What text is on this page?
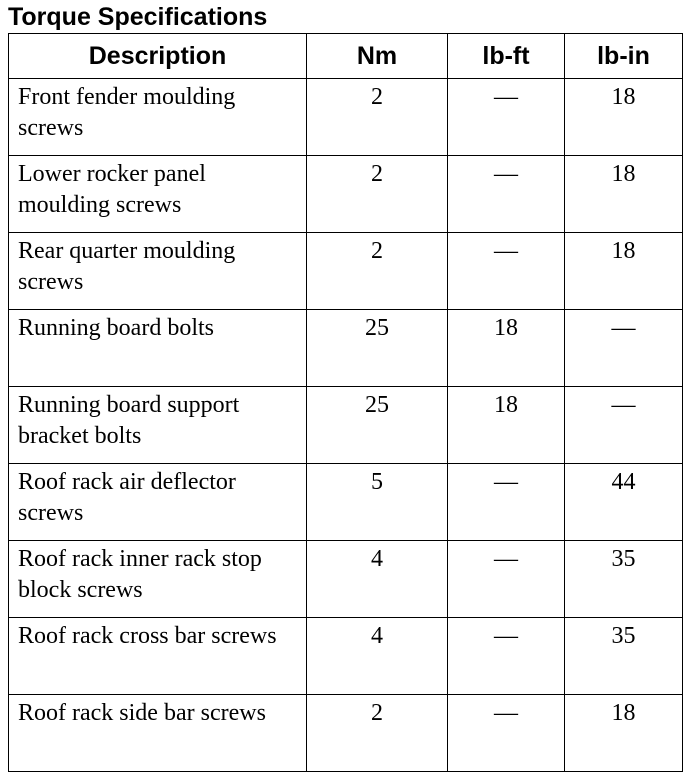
Torque Specifications
Description	Nm	lb-ft	lb-in
Front fender moulding screws	2	—	18
Lower rocker panel moulding screws	2	—	18
Rear quarter moulding screws	2	—	18
Running board bolts	25	18	—
Running board support bracket bolts	25	18	—
Roof rack air deflector screws	5	—	44
Roof rack inner rack stop block screws	4	—	35
Roof rack cross bar screws	4	—	35
Roof rack side bar screws	2	—	18
